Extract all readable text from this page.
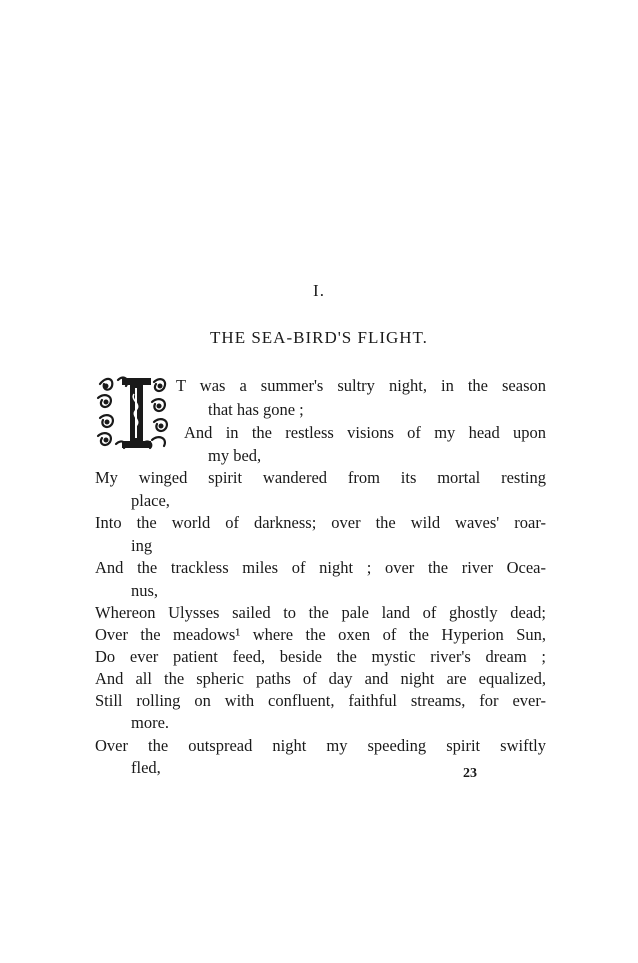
I.
THE SEA-BIRD'S FLIGHT.
T was a summer's sultry night, in the season
that has gone ;
And in the restless visions of my head upon
my bed,
My winged spirit wandered from its mortal resting
place,
Into the world of darkness; over the wild waves' roar-
ing
And the trackless miles of night ; over the river Ocea-
nus,
Whereon Ulysses sailed to the pale land of ghostly dead;
Over the meadows¹ where the oxen of the Hyperion Sun,
Do ever patient feed, beside the mystic river's dream ;
And all the spheric paths of day and night are equalized,
Still rolling on with confluent, faithful streams, for ever-
more.
Over the outspread night my speeding spirit swiftly
fled,	23
